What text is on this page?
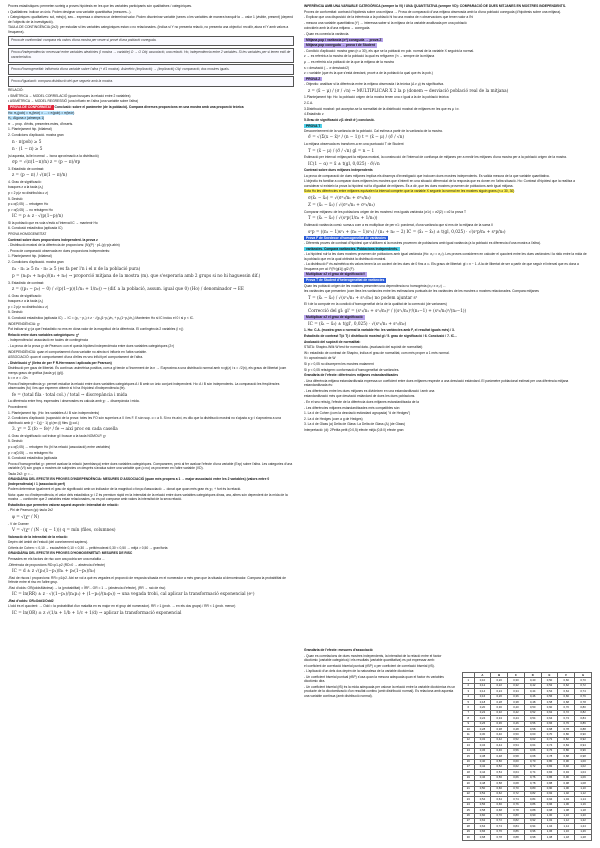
Proves estadístiques: permeten sorteig a proves hipòtesis en les que les variables participants són qualitatives / categòriques.
• Qualitatives: indicar un únic. Poden designar una variable quantitativa (mesures...).
• Categòriques: qualitatives: sol, més(x), seu... expressa o observa un determinat valor. Poden discriminar variable (sexes o les variables de manera tranquil·la → valor 1 (visible, present) (depend de l'objectiu de la investigació).
TAULA DE CONTINGÈNCIA (2x2): per estudiar si les variables categòriques estan o no relacionades. (Indica si Y no presenta relació, no presenta una objectiu i recollir, atura el Y amb valors a l'esquerra).
Prova de conformitat: compara els valors d'una mostra per veure si prové d'una població coneguda.
Prova d'independència: necessari entre variables aleatòries (I mostra → variable) O → O Obj: associació, una relació. Ho, independència entre 2 variables. Si les variables per si tenen estil de característica.
Prova d'homogeneïtat: influència d'una variable sobre l'altra (+ d'1 mostra). Asimètric (Implicació) → (Implicació) Obj: comparació, dos mostres iguals.
Prova d'igualació: compara distribució del que segueix amb la mostra.
RELACIÓ:
• SIMÈTRICA → MODEL CORRELACIÓ (quan busques la relació entre 2 variables)
• ASIMÈTRICA → MODEL REGRESSIÓ (una influeix en l'altra (una variable sobre l'altra)
PROVA DE CONFORMITAT Conclusió: sobre el paràmetre (de la població). Compara diverses proporcions en una mostra amb una proporció teòrica
Ho: π₁(pob) = π₁(teòr) = ... = π(pob) = π(teòr)
H₁: Alguna ≠ (almenys 1)
π → prop. d'èxits, presentes estes, d'inserts.
1. Plantejament hip. (bilateral)
2. Condicions d'aplicació. mostra gran
n · π(pob) ≥ 5
n · (1 − π) ≥ 5
(si aquesta, la llei normal → bona aproximació a la distribució)
σp = √(π(1−π)/n) z = (p − π)/σp
3. Estadístic de contrast:
z = (p − π) / √(π(1 − π)/n)
4. Grau de significació:
busques z a la taula (z₁)
p = 2 p(z no distribuïda ≥ z)
5. Decisió
p ≤ α(0,05) → rebutgem Ho
p > α(0,05) → no rebutgem Ho
IC = p ± z · √(p(1−p)/n)
Si la població que es vola s'està a l'interval IC → mantenir Ho
6. Conclusió estadística (aplicada IC)
PROVA HOMOGENEÏTAT
Contrast sobre dues proporcions independent. la prova z
- Distribució mostral de la diferència de proporcions: (N)(P) · p1-(p)·p(x-abin)
- Prova de comparació observada en dues proporcions independents:
1. Plantejament hip. (bilateral)
2. Condicions d'aplicació. mostra gran
n₁ · π₁ ≥ 5 n₂ · π₂ ≥ 5 (es fa per l'n i el π de la població pura)
p = (n₁p₁ + n₂p₂)/(n₁ + n₂) → proporció mitjana de la mostra (m). que s'esperaria amb 2 grups si no hi haguessin dif.)
3. Estadístic de contrast:
z = ((p₁ − p₂) − 0) / √(p(1−p)(1/n₁ + 1/n₂)) → (dif. a la població, assum. igual que 0) (Ho) / denominador → EE
4. Grau de significació:
busques z a la taula (z₁)
p = 2 p(z no distribuïda ≥ z)
5. Decisió
6. Conclusió estadística (aplicada IC) → IC = (p₁ − p₂) ± z · √(p₁(1−p₁)/n₁ + p₂(1−p₂)/n₂) Mantenim Ho si IC inclou el 0 i si p < IC.
INDEPENDÈNCIA: χ²
Pot indicar si χ² ja que l'estadístic no ens en dóna valor de la magnitud de la diferència. El contingència 2 variables (i x j)
Relació entre dues variables categòriques: χ²
- Independència i associació en taules de contingència
- La prova de la prova χ² de Pearson: con el queda hipòtesi independència entre dues variables categòriques (2×)
INDEPENDÈNCIA: quan el comportament d'una variable no afecta ni influeix en l'altra variable.
ASSOCIACIÓ: quan el comportament d'una d'elles es veu influït pel comportament de l'altra.
- Distribució χ² (lletra de per F R-Herrmann i aplicada per Pearson)
Distribució per gaus de llibertat. És contínua: asimètrica positiva, com a gl tende a l'increment de la n → S'aproxima a una distribució normal amb n=gl(z) i s = √2(n), els graus de llibertat (com menys graus de gràfica (taula χ²) (gl)).
k = n σ = √2n
Prova d'independència χ²: permet estudiar la relació entre dues variables categòriques A i B amb un únic conjunt independent. Ho: A i B són independents. La comparació les freqüències observades (fo) i les que esperem obtenir si hi ha l'hipòtesi d'independència (fe).
fe = (total fila · total col.) / total → discrepància i mida
La diferència entre freq. esperades i observades es calcula amb χ² → discrepància i mida.
Procediment:
1. Plantejament hip. (Ho: les variables A i B són independents)
2. Condicions d'aplicació: (suposició de la prova: totes les FO són superiors a 0 i les F. E són sup. o = a 5. Si no és així, es dilu que la distribució mostral no s'ajusta a χ² i s'aproxima a una distribució amb (i − 1)(j − 1) gl (en (i) files (j) col.)
3. χ² = Σ (fo − fe)² / fe → així proc en cada casella
4. Grau de significació: cal trobar gl i buscar a la taula NOMOLP. χ²
5. Decisió
p ≤ α(0,05) → rebutgem Ho (hi ha relació (associació) entre variables)
p > α(0,05) → no rebutgem Ho
6. Conclusió estadística (aplicada
Prova d'homogeneïtat χ²: permet avaluar la relació (semblança) entre dues variables categòriques. Compararem, però al fer avaluar l'efecte d'una variable (Exp) sobre l'altra. Les categories d'una variable (VI) són grups o mostres de subjectes on després s'avalua sobre una variable que (o no) va provenen en l'altre variable (VD).
Taula 2x2: χ² = ...
GRANDÀRIA DEL EFECTE EN PROVES D'INDEPENDÈNCIA: MESURES D'ASSOCIACIÓ (quan més propera a 1 → major associació entre les 2 variables) (valors entre 0 (independència) i 1 (associació perf)
Podem determinar igualment el grau de significació amb un indicador de la magnitud o força d'associació → donat que quan més gran és χ², + fort és la relació.
Nota: quan no d'independència, el valor dels estadístics χ² i Z és premium ràpid en la intensitat de la relació entre dues variables categòriques dinas, ara, altres són dependent de la mida de la mostra → confondre que 2 variables estan relacionades, no es pot comparar amb valors la intensitat de la seva relació.
Estadístics que permeten valorar aquest aspecte: intensitat de relació:
- Phi de Pearson (φ): taula 2x2
φ = √(χ² / N)
- V de Cramer
V = √(χ² / (N · (q − 1))) q = mín (files, columnes)
Valoració de la intensitat de la relació:
Depèn del àmbit de l'estudi (del coneixement sapiens).
Criteris de Cohen: < 0,10 → escàs/feble 0,10 < 0,30 → petit/moderat 0,30 < 0,50 → mitjà > 0,50 → gran/forta
GRANDÀRIA DEL EFECTE EN PROVES D'HOMOGENEÏTAT: MESURES DE RISC
Pensades en els factors de risc com ara podria ser una malaltia ...
-Diferència de proporcions RD=p1-p2 (RD=0 → absència d'efecte)
IC = d ± z √(p₁(1−p₁)/n₁ + p₂(1−p₂)/n₂)
-Raó de riscos / proporcions: RR= p1/p2. Aixi se vol a què es vegades el proporció de resposta situada en el numerador a més gran que la situada al denominador. Compara la probabilitat de l'efecte entre el risc en l'altre grup.
-Raó d'odds: OR(oddsMàxima) → la (probabilitat) = ÍRF... OR = 1 → (absència d'efecte), (RR → raó de risc)
IC = ln(RR) ± z · √((1−p₁)/(n₁p₁) + (1−p₂)/(n₂p₂)) → una vegada trobi, cal aplicar la transformació exponencial (eˣ)
-Raó d'odds: OR=Odd1/Odd2
L'odd és el quocient: → Odd = la probabilitat d'un malaltia en es major en el grup del numerador). RR > 1 (prob. → en els dos grups) / RR < 1 (prob. menor)
IC = ln(OR) ± z √(1/a + 1/b + 1/c + 1/d) → aplicar la transformació exponencial
INFERÈNCIA AMB UNA VARIABLE CATEGÒRICA (sempre la VI) I UNA QUANTITATIVA (sempre VD): COMPARACIÓ DE DUES MITJANES EN MOSTRES INDEPENDENTS.
Proves de conformitat: contrast d'hipòtesis sobre una mitjana → Prova de comparació d'una mitjana observada amb la d'una població coneguda (d'hipòtesis sobre una mitjana).
- Explicar que una disposició de la inferència a la població hi ha una mostra de n observacions que tenen valor a l'hi
- mesura una variable quantitativa (Y) → interessa saber si la mitjana de la variable analitzada per una població
coincideix amb la d'una mitjana → coneguda.
- Quan es conexia la variància.
Mitjana pop i variància (σ²) coneguda → prova Z
Mitjana pop coneguda → prova t de Student
- Condició d'aplicació: mostra gran (n ≥ 30), els que se la població en pob. normal de la variable X seguirà la normal.
z → es referirà a la mostra de la població la qual es refigurem ('n → sempre de la mitjana
μ → es referirà a la població de la que la mitjana de la mostra
s = desviació (→ σ desviació2)
z = variable (que és la que s'està desviant, prové a de la població la qual que és la pob.)
PROVA Z
- Objectiu: analitzar si la diferència entre la mitjana observada i la teòrica (Δ ≠ μ) és significativa.
z = (x̄ − μ) / (σ / √n) → MULTIPLICAR X 2 la p (donem → desviació població real de la mitjana)
1.Plantejament hip: Ho: la població origen de la mostra tenen una ≠ igual a la de la població teòrica
2.C.A.
3.Distribució mostral: pot acceptar-se la normalitat de la distribució mostral de mitjanes en les que es μ i σ.
4.Estadístic z
5.Grau de significació z(1 desit d·) conclusió.
PROVA T
Desconeixement de la variància de la població. Cal estima a partir de la variància de la mostra.
σ̂ = √(Σ(x − x̄)² / (n − 1)) t = (x̄ − μ) / (σ̂ / √n)
La mitjana observada es transform-a en una puntuació T de Student
T = (x̄ − μ) / (σ̂ / √n) gl = n − 1
Estimació per interval: mitjançant la mitjana mostral, la construcció de l'interval de confiança de mitjanes per a medir les mitjanes d'una mostra per a la població origen de la mostra.
IC(1 − α) = x̄ ± t(gl, 0,025) · σ̂/√n
Contrast sobre dues mitjanes independents
La prova de comparació de dues mitjanes implica els dissenys d'investigació que inclouen dues mostres independents. Es valida mesura de la que variable quantitativa.
L'objectiu és familiar a comparar dues mitjanes les mostres que s'intenti en una situació diferencial de la resposta que es donen en l'altra situació. Ho: Contrast d'hipòtesi que la realitza a considerar si existeix la prova la hipòtesi nul·la d'igualtat de mitjanes. És a dir, que les dues mostres provenen de poblacions amb igual mitjana.
Sota Ho les diferències entre mitjanes equivalen la interval comprén que la variable X segueix la normal en les mostres siguin grans (n ≥ 30, 30)
σ(x̄₁ − x̄₂) = √(σ²₁/n₁ + σ²₂/n₂)
Z = (x̄₁ − x̄₂) / √(σ²₁/n₁ + σ²₂/n₂)
Comparar mitjanes: de les poblacions origen de les mostres i ens iguals variància (σ1²) = σ2(2) = σ2 la prova T
T = (x̄₁ − x̄₂) / √(s²p(1/n₁ + 1/n₂))
Estimació variància comú: suma-s com a es multiplicar de per n1: ponderat, d'una variància que si ens de la mitjana de la suma ll
s²p = ((n₁ − 1)s²₁ + (n₂ − 1)s²₂) / (n₁ + n₂ − 2) IC = (x̄₁ − x̄₂) ± t(gl, 0,025) · √(s²p/n₁ + s²p/n₂)
Prova F de Snedecor d'homogeneïtat de variàncies
- Diferents proves de contrast d'hipòtesi que s'utilitzen si la mostres provenen de poblacions amb igual variància (a la població es diferencia d'una mostra a l'altra).
variàncies. Compara variàncies. Poblacions independents.
- La hipòtesi nul·la les dues mostres provenen de poblacions amb igual variància (Ho: σ₁² = σ₂²). Les proves consideren en calculer el quocient entre les dues variàncies i la ràtio entre la mida de la població que en la qual obtindrà la distribució mostral.
- La distribució F és asimètrica els valors tenen la un cocient de les dues de 0 fins a ∞. Els graus de llibertat: gl = n − 1. A la de llibertat de ser a partir de que seguir el interval que es dona a l'esquerra per al: F(Fr(gl1)) gl2 (F).
Multiplicar x2 el grau de significació!!
Prova T de Student d'heterogeneïtat de variàncies
Quan les població origen de les mostres presenten una dependència no homogènia (σ₁² ≠ σ₂²) ...
les variàncies que presenten (com llera les variàncies entre les estimacions puntuals de les variàncies de les mostres o mostres relacionades. Compara mitjanes
T = (x̄₁ − x̄₂) / √(s²₁/n₁ + s²₂/n₂) no podem ajuntar s²
El t de la compute en la condició d'homogeneïtat de la de la qualitat de la correcció (de varianzes)
Correcció del gl: gl' = (s²₁/n₁ + s²₂/n₂)² / ((s²₁/n₁)²/(n₁−1) + (s²₂/n₂)²/(n₂−1))
Multiplicar x2 el grau de significació
IC = (x̄₁ − x̄₂) ± t(gl', 0,025) · √(s²₁/n₁ + s²₂/n₂)
1. Ho: C.A. (mostra gran o normal la variable Ho: les variàncies amb F, el resultat iguals més) / 3.
Estadístic de contrast T(ó T) i distribució mostral gl / 5. grau de significació / 6. Conclusió / 7. IC...
Avaluació del supòsit de normalitat:
STATA: Shapiro-Wilk W test for normal data. (avaluació del supòsit de normalitat)
W= estadístic de contrast de Shapiro, indica el grau de normalitat, com més proper a 1 més normal.
V= aproximació de W
Si p > 0,05 no discrepem les mostres malament
Si p < 0,05 rebutgem: conformació d'homogeneïtat de variàncies.
Grandària de l'efecte: diferències mitjanes estandarditzades
- Una diferència mitjana estandarditzada expressa un coeficient entre dues mitjanes respecte a una desviació estàndard. El paràmetre poblacional estimat per una diferència mitjana estandarditzada és:
- Les diferències entre les dues mitjanes es divideixen en una estandardització i amb una
estandardització més que desviació estàndard de dues les dues poblacions.
- En el seu rebuig, l'efecte de la diferència dues mitjanes estandarditzada de la
- Les diferències mitjanes estandarditzades més compatibles són:
1. La d de Cohen (com la desviació estàndard agrupada) "d de Hedges")
2. La d de Hedges (com a g de Hedges)
3. La d de Glass (a) Delta de Glass: La Delta de Glass (Δ) (de Glass)
Interpretació: (d): 2Petita petit (0:0,5) efecte mitjà (0,8:0) efecte gran
Grandària de l'efecte: mesures d'associació
- Quan es correlacions de dues mostres independents, la intensitat de la relació entre el factor dicotòmic (variable categòrica) i els resultats (variable quantitativa) es pot expressar amb:
el coeficient de correlació biserial puntual (rBP) o per coeficient de correlació biserial (rB).
- L'aplicació d'un dels dos depèn de la naturalesa de la variable dicotòmica:
- Un coeficient biserial puntual (rBP) s'usa quan la mesura adequada quan el factor és variables dicotòmic dira.
- Un coeficient biserial (rB) és la mida adequada per valorar la relació entre la variable dicotòmica és un producte de la dicotomització d'un resultat continu (amb distribució normal). Es relaciona amb aquesta una variable continua (amb distribució normal).
	A	B	C	D	E	F	G
1	0,10	0,20	0,30	0,40	0,50	0,60	0,70
2	0,12	0,22	0,32	0,42	0,52	0,62	0,72
3	0,14	0,24	0,34	0,44	0,54	0,64	0,74
4	0,16	0,26	0,36	0,46	0,56	0,66	0,76
5	0,18	0,28	0,38	0,48	0,58	0,68	0,78
6	0,20	0,30	0,40	0,50	0,60	0,70	0,80
7	0,22	0,32	0,42	0,52	0,62	0,72	0,82
8	0,24	0,34	0,44	0,54	0,64	0,74	0,84
9	0,26	0,36	0,46	0,56	0,66	0,76	0,86
10	0,28	0,38	0,48	0,58	0,68	0,78	0,88
11	0,30	0,40	0,50	0,60	0,70	0,80	0,90
12	0,32	0,42	0,52	0,62	0,72	0,82	0,92
13	0,34	0,44	0,54	0,64	0,74	0,84	0,94
14	0,36	0,46	0,56	0,66	0,76	0,86	0,96
15	0,38	0,48	0,58	0,68	0,78	0,88	0,98
16	0,40	0,50	0,60	0,70	0,80	0,90	1,00
17	0,42	0,52	0,62	0,72	0,82	0,92	1,02
18	0,44	0,54	0,64	0,74	0,84	0,94	1,04
19	0,46	0,56	0,66	0,76	0,86	0,96	1,06
20	0,48	0,58	0,68	0,78	0,88	0,98	1,08
21	0,50	0,60	0,70	0,80	0,90	1,00	1,10
22	0,52	0,62	0,72	0,82	0,92	1,02	1,12
23	0,54	0,64	0,74	0,84	0,94	1,04	1,14
24	0,56	0,66	0,76	0,86	0,96	1,06	1,16
25	0,58	0,68	0,78	0,88	0,98	1,08	1,18
26	0,60	0,70	0,80	0,90	1,00	1,10	1,20
27	0,62	0,72	0,82	0,92	1,02	1,12	1,22
28	0,64	0,74	0,84	0,94	1,04	1,14	1,24
29	0,66	0,76	0,86	0,96	1,06	1,16	1,26
30	0,68	0,78	0,88	0,98	1,08	1,18	1,28
